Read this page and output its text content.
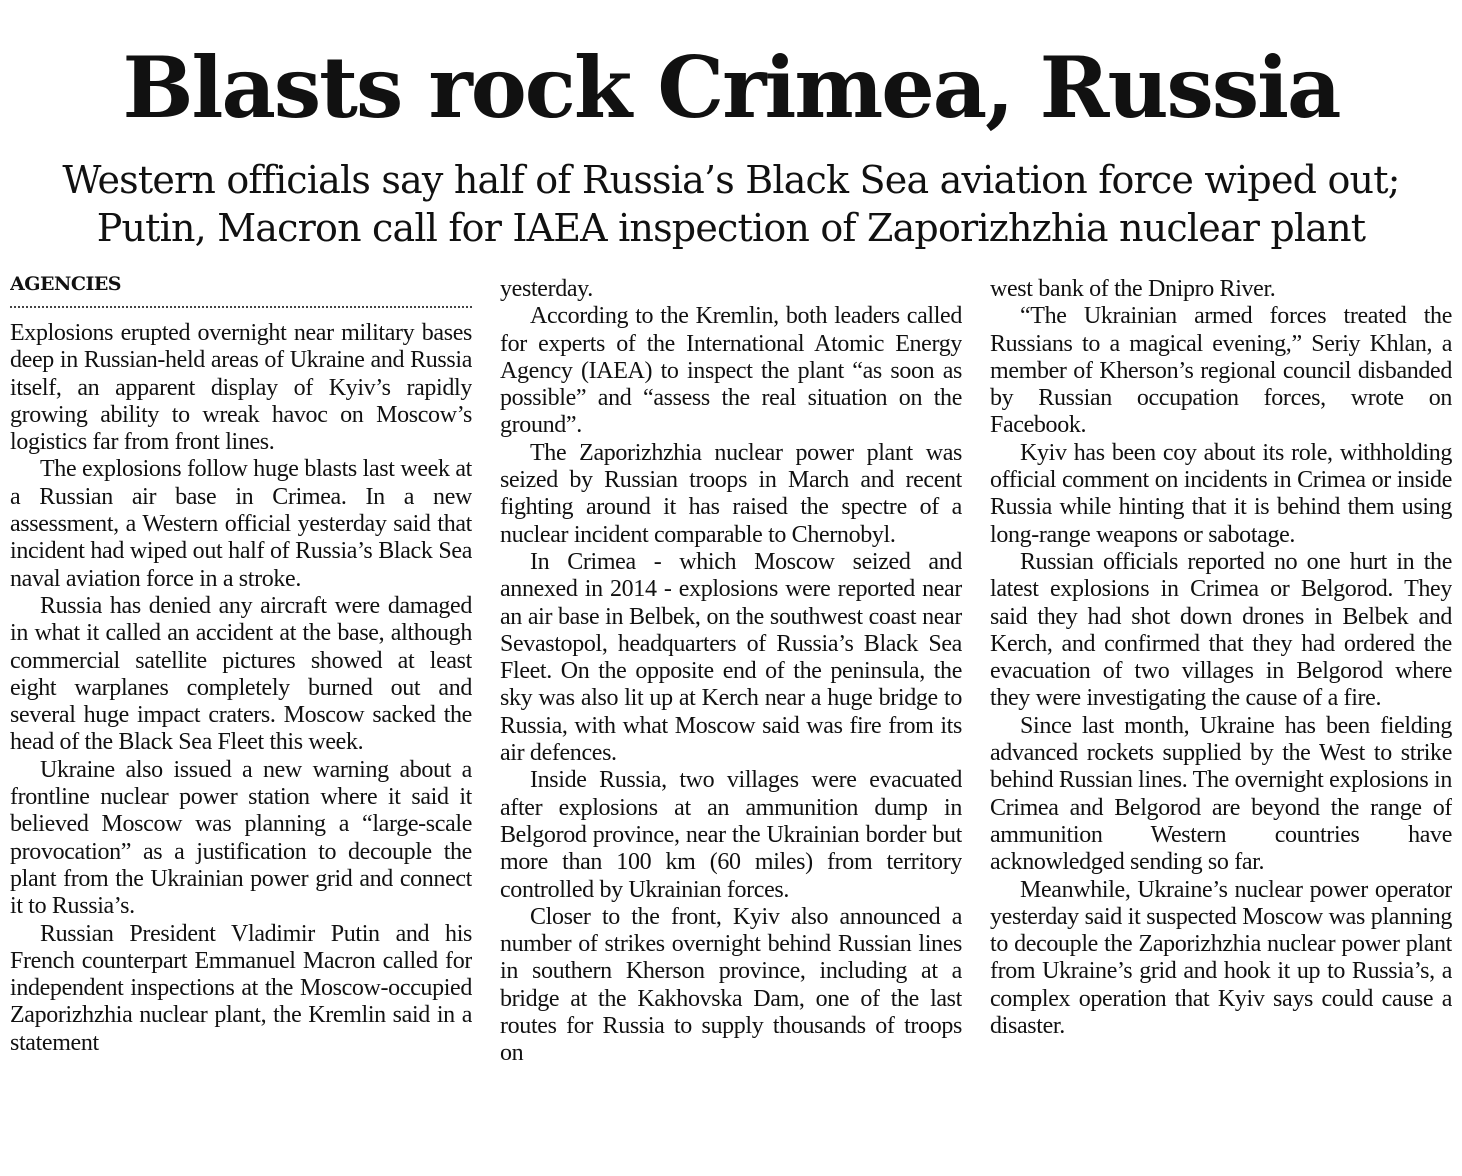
Blasts rock Crimea, Russia
Western officials say half of Russia’s Black Sea aviation force wiped out;
Putin, Macron call for IAEA inspection of Zaporizhzhia nuclear plant
AGENCIES

Explosions erupted overnight near military bases deep in Russian-held areas of Ukraine and Russia itself, an apparent display of Kyiv’s rapidly growing ability to wreak havoc on Moscow’s logistics far from front lines.

The explosions follow huge blasts last week at a Russian air base in Crimea. In a new assessment, a Western official yesterday said that incident had wiped out half of Russia’s Black Sea naval aviation force in a stroke.

Russia has denied any aircraft were damaged in what it called an accident at the base, although commercial satellite pictures showed at least eight warplanes completely burned out and several huge impact craters. Moscow sacked the head of the Black Sea Fleet this week.

Ukraine also issued a new warning about a frontline nuclear power station where it said it believed Moscow was planning a “large-scale provocation” as a justification to decouple the plant from the Ukrainian power grid and connect it to Russia’s.

Russian President Vladimir Putin and his French counterpart Emmanuel Macron called for independent inspections at the Moscow-occupied Zaporizhzhia nuclear plant, the Kremlin said in a statement

yesterday.

According to the Kremlin, both leaders called for experts of the International Atomic Energy Agency (IAEA) to inspect the plant “as soon as possible” and “assess the real situation on the ground”.

The Zaporizhzhia nuclear power plant was seized by Russian troops in March and recent fighting around it has raised the spectre of a nuclear incident comparable to Chernobyl.

In Crimea - which Moscow seized and annexed in 2014 - explosions were reported near an air base in Belbek, on the southwest coast near Sevastopol, headquarters of Russia’s Black Sea Fleet. On the opposite end of the peninsula, the sky was also lit up at Kerch near a huge bridge to Russia, with what Moscow said was fire from its air defences.

Inside Russia, two villages were evacuated after explosions at an ammunition dump in Belgorod province, near the Ukrainian border but more than 100 km (60 miles) from territory controlled by Ukrainian forces.

Closer to the front, Kyiv also announced a number of strikes overnight behind Russian lines in southern Kherson province, including at a bridge at the Kakhovska Dam, one of the last routes for Russia to supply thousands of troops on

west bank of the Dnipro River.

“The Ukrainian armed forces treated the Russians to a magical evening,” Seriy Khlan, a member of Kherson’s regional council disbanded by Russian occupation forces, wrote on Facebook.

Kyiv has been coy about its role, withholding official comment on incidents in Crimea or inside Russia while hinting that it is behind them using long-range weapons or sabotage.

Russian officials reported no one hurt in the latest explosions in Crimea or Belgorod. They said they had shot down drones in Belbek and Kerch, and confirmed that they had ordered the evacuation of two villages in Belgorod where they were investigating the cause of a fire.

Since last month, Ukraine has been fielding advanced rockets supplied by the West to strike behind Russian lines. The overnight explosions in Crimea and Belgorod are beyond the range of ammunition Western countries have acknowledged sending so far.

Meanwhile, Ukraine’s nuclear power operator yesterday said it suspected Moscow was planning to decouple the Zaporizhzhia nuclear power plant from Ukraine’s grid and hook it up to Russia’s, a complex operation that Kyiv says could cause a disaster.
